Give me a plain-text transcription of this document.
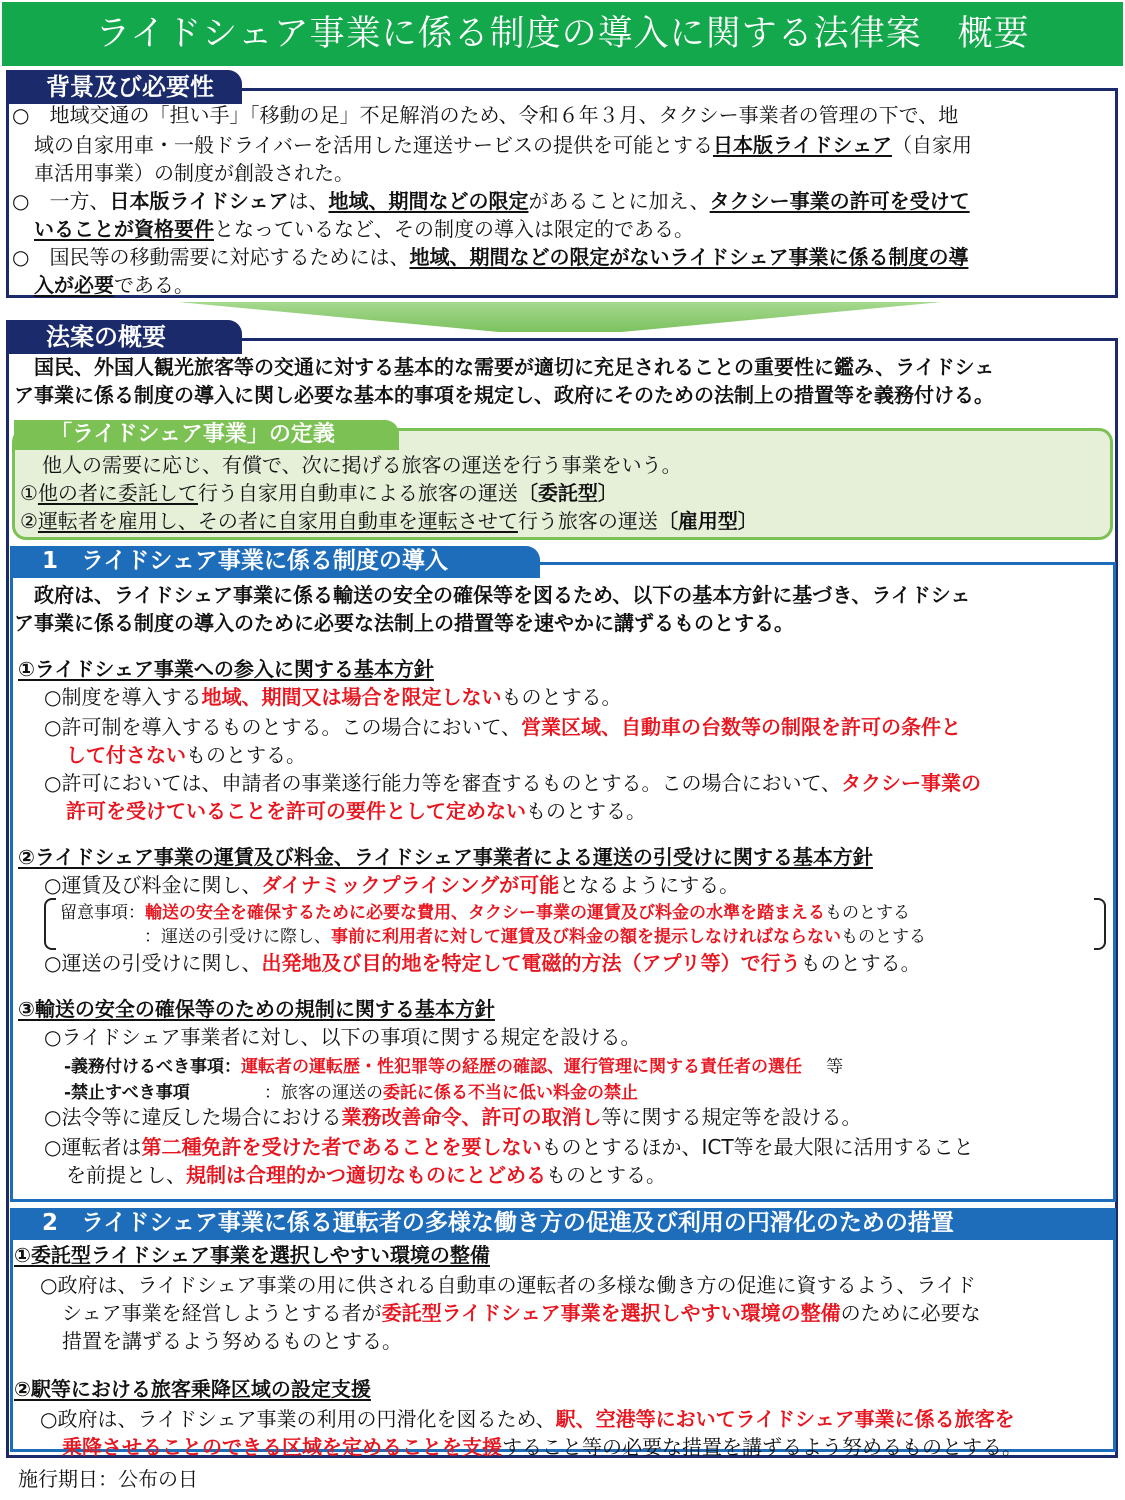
ライドシェア事業に係る制度の導入に関する法律案　概要
背景及び必要性
○　地域交通の「担い手」「移動の足」不足解消のため、令和６年３月、タクシー事業者の管理の下で、地
域の自家用車・一般ドライバーを活用した運送サービスの提供を可能とする日本版ライドシェア（自家用
車活用事業）の制度が創設された。
○　一方、日本版ライドシェアは、地域、期間などの限定があることに加え、タクシー事業の許可を受けて
いることが資格要件となっているなど、その制度の導入は限定的である。
○　国民等の移動需要に対応するためには、地域、期間などの限定がないライドシェア事業に係る制度の導
入が必要である。
法案の概要
国民、外国人観光旅客等の交通に対する基本的な需要が適切に充足されることの重要性に鑑み、ライドシェ
ア事業に係る制度の導入に関し必要な基本的事項を規定し、政府にそのための法制上の措置等を義務付ける。
「ライドシェア事業」の定義
他人の需要に応じ、有償で、次に掲げる旅客の運送を行う事業をいう。
①他の者に委託して行う自家用自動車による旅客の運送〔委託型〕
②運転者を雇用し、その者に自家用自動車を運転させて行う旅客の運送〔雇用型〕
1　ライドシェア事業に係る制度の導入
政府は、ライドシェア事業に係る輸送の安全の確保等を図るため、以下の基本方針に基づき、ライドシェ
ア事業に係る制度の導入のために必要な法制上の措置等を速やかに講ずるものとする。
①ライドシェア事業への参入に関する基本方針
○制度を導入する地域、期間又は場合を限定しないものとする。
○許可制を導入するものとする。この場合において、営業区域、自動車の台数等の制限を許可の条件と
して付さないものとする。
○許可においては、申請者の事業遂行能力等を審査するものとする。この場合において、タクシー事業の
許可を受けていることを許可の要件として定めないものとする。
②ライドシェア事業の運賃及び料金、ライドシェア事業者による運送の引受けに関する基本方針
○運賃及び料金に関し、ダイナミックプライシングが可能となるようにする。
留意事項：輸送の安全を確保するために必要な費用、タクシー事業の運賃及び料金の水準を踏まえるものとする
：運送の引受けに際し、事前に利用者に対して運賃及び料金の額を提示しなければならないものとする
○運送の引受けに関し、出発地及び目的地を特定して電磁的方法（アプリ等）で行うものとする。
③輸送の安全の確保等のための規制に関する基本方針
○ライドシェア事業者に対し、以下の事項に関する規定を設ける。
-義務付けるべき事項：運転者の運転歴・性犯罪等の経歴の確認、運行管理に関する責任者の選任 等
-禁止すべき事項	：旅客の運送の委託に係る不当に低い料金の禁止
○法令等に違反した場合における業務改善命令、許可の取消し等に関する規定等を設ける。
○運転者は第二種免許を受けた者であることを要しないものとするほか、ICT等を最大限に活用すること
を前提とし、規制は合理的かつ適切なものにとどめるものとする。
2　ライドシェア事業に係る運転者の多様な働き方の促進及び利用の円滑化のための措置
①委託型ライドシェア事業を選択しやすい環境の整備
○政府は、ライドシェア事業の用に供される自動車の運転者の多様な働き方の促進に資するよう、ライド
シェア事業を経営しようとする者が委託型ライドシェア事業を選択しやすい環境の整備のために必要な
措置を講ずるよう努めるものとする。
②駅等における旅客乗降区域の設定支援
○政府は、ライドシェア事業の利用の円滑化を図るため、駅、空港等においてライドシェア事業に係る旅客を
乗降させることのできる区域を定めることを支援すること等の必要な措置を講ずるよう努めるものとする。
施行期日：公布の日
